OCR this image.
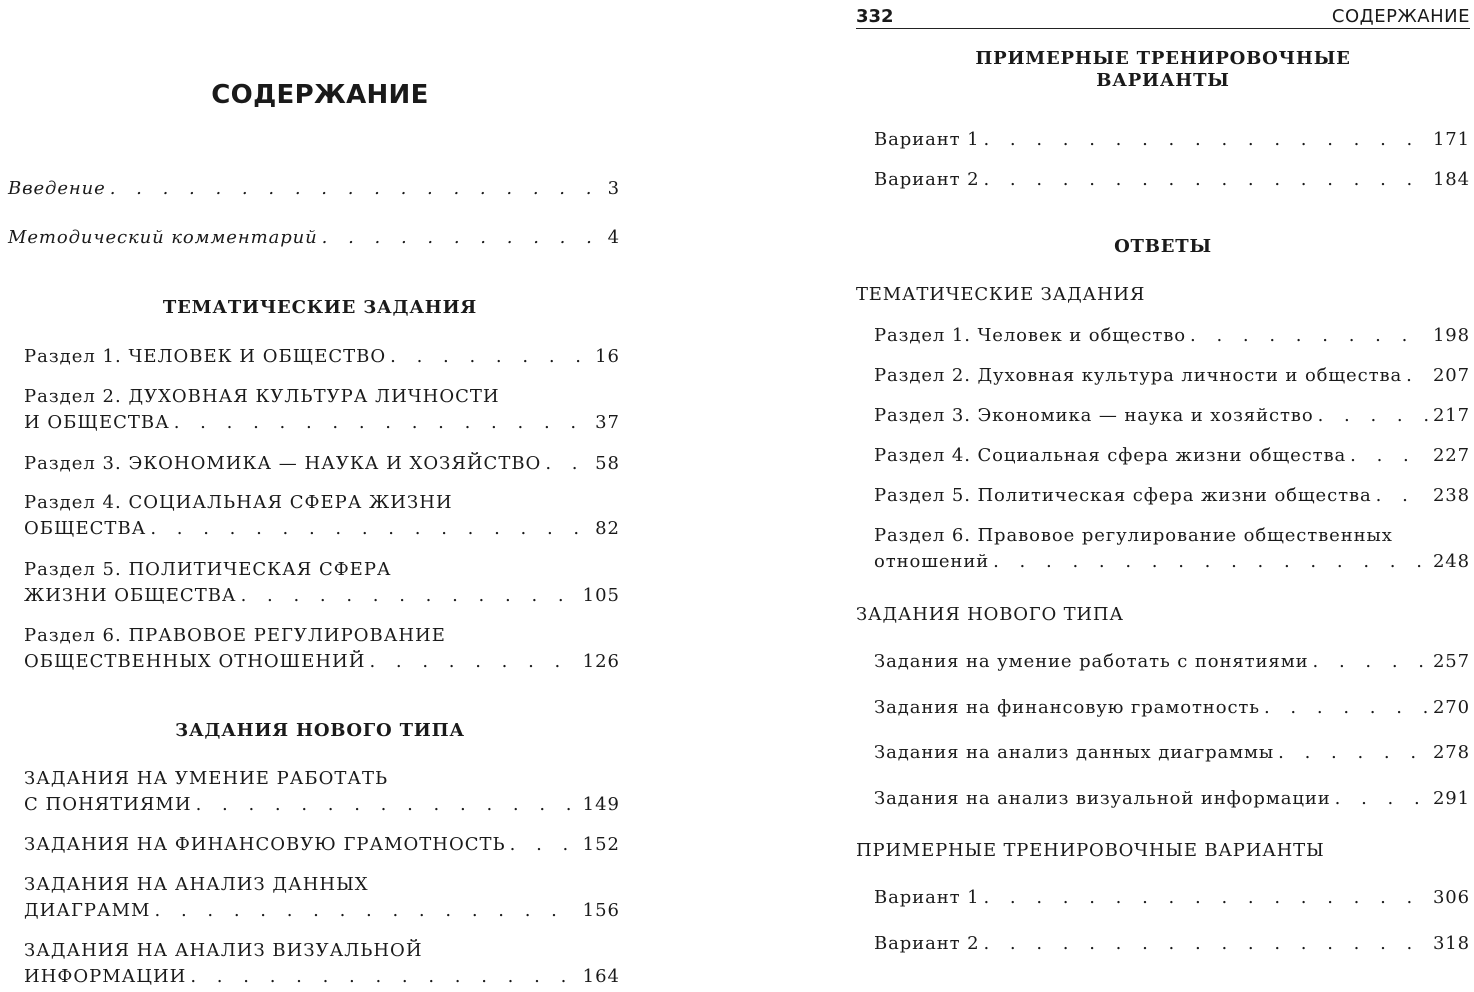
СОДЕРЖАНИЕ
Введение . . .	3
Методический комментарий . . .	4
ТЕМАТИЧЕСКИЕ ЗАДАНИЯ
Раздел 1. ЧЕЛОВЕК И ОБЩЕСТВО . . .	16
Раздел 2. ДУХОВНАЯ КУЛЬТУРА ЛИЧНОСТИ
И ОБЩЕСТВА . . .	37
Раздел 3. ЭКОНОМИКА — НАУКА И ХОЗЯЙСТВО . . .	58
Раздел 4. СОЦИАЛЬНАЯ СФЕРА ЖИЗНИ
ОБЩЕСТВА . . .	82
Раздел 5. ПОЛИТИЧЕСКАЯ СФЕРА
ЖИЗНИ ОБЩЕСТВА . . .	105
Раздел 6. ПРАВОВОЕ РЕГУЛИРОВАНИЕ
ОБЩЕСТВЕННЫХ ОТНОШЕНИЙ . . .	126
ЗАДАНИЯ НОВОГО ТИПА
ЗАДАНИЯ НА УМЕНИЕ РАБОТАТЬ
С ПОНЯТИЯМИ . . .	149
ЗАДАНИЯ НА ФИНАНСОВУЮ ГРАМОТНОСТЬ . . .	152
ЗАДАНИЯ НА АНАЛИЗ ДАННЫХ
ДИАГРАММ . . .	156
ЗАДАНИЯ НА АНАЛИЗ ВИЗУАЛЬНОЙ
ИНФОРМАЦИИ . . .	164
332	СОДЕРЖАНИЕ
ПРИМЕРНЫЕ ТРЕНИРОВОЧНЫЕ
ВАРИАНТЫ
Вариант 1 . . .	171
Вариант 2 . . .	184
ОТВЕТЫ
ТЕМАТИЧЕСКИЕ ЗАДАНИЯ
Раздел 1. Человек и общество . . .	198
Раздел 2. Духовная культура личности и общества . . . 207
Раздел 3. Экономика — наука и хозяйство . . .	217
Раздел 4. Социальная сфера жизни общества . . .	227
Раздел 5. Политическая сфера жизни общества . . .	238
Раздел 6. Правовое регулирование общественных
отношений . . .	248
ЗАДАНИЯ НОВОГО ТИПА
Задания на умение работать с понятиями . . .	257
Задания на финансовую грамотность . . .	270
Задания на анализ данных диаграммы . . .	278
Задания на анализ визуальной информации . . .	291
ПРИМЕРНЫЕ ТРЕНИРОВОЧНЫЕ ВАРИАНТЫ
Вариант 1 . . .	306
Вариант 2 . . .	318
